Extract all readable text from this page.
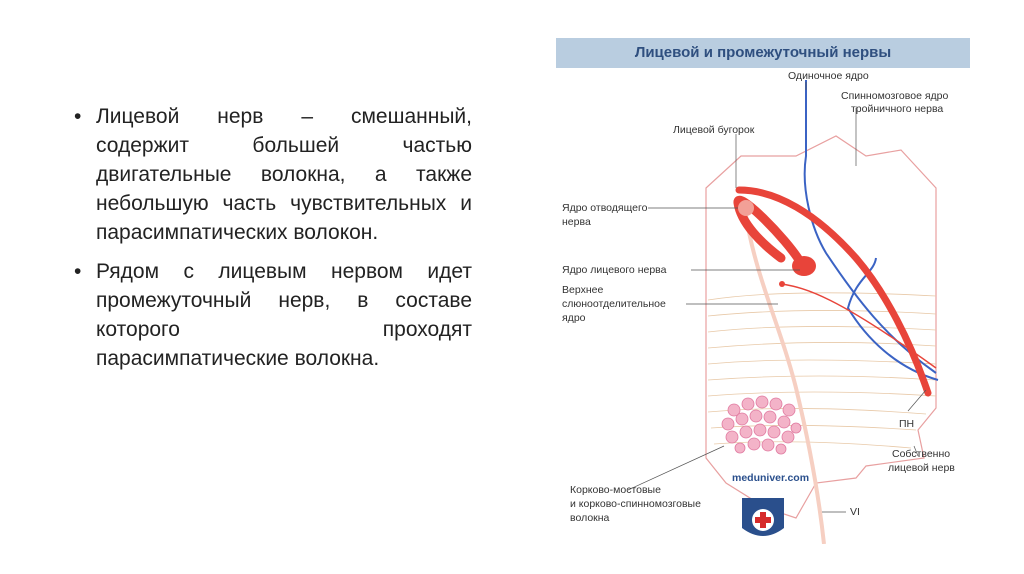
• Лицевой нерв – смешанный, содержит большей частью двигательные волокна, а также небольшую часть чувствительных и парасимпатических волокон.
• Рядом с лицевым нервом идет промежуточный нерв, в составе которого проходят парасимпатические волокна.
Лицевой и промежуточный нервы
Одиночное ядро
Спинномозговое ядро
тройничного нерва
Лицевой бугорок
Ядро отводящего
нерва
Ядро лицевого нерва
Верхнее
слюноотделительное
ядро
ПН
Собственно
лицевой нерв
Корково-мостовые
и корково-спинномозговые
волокна	VI
meduniver.com
